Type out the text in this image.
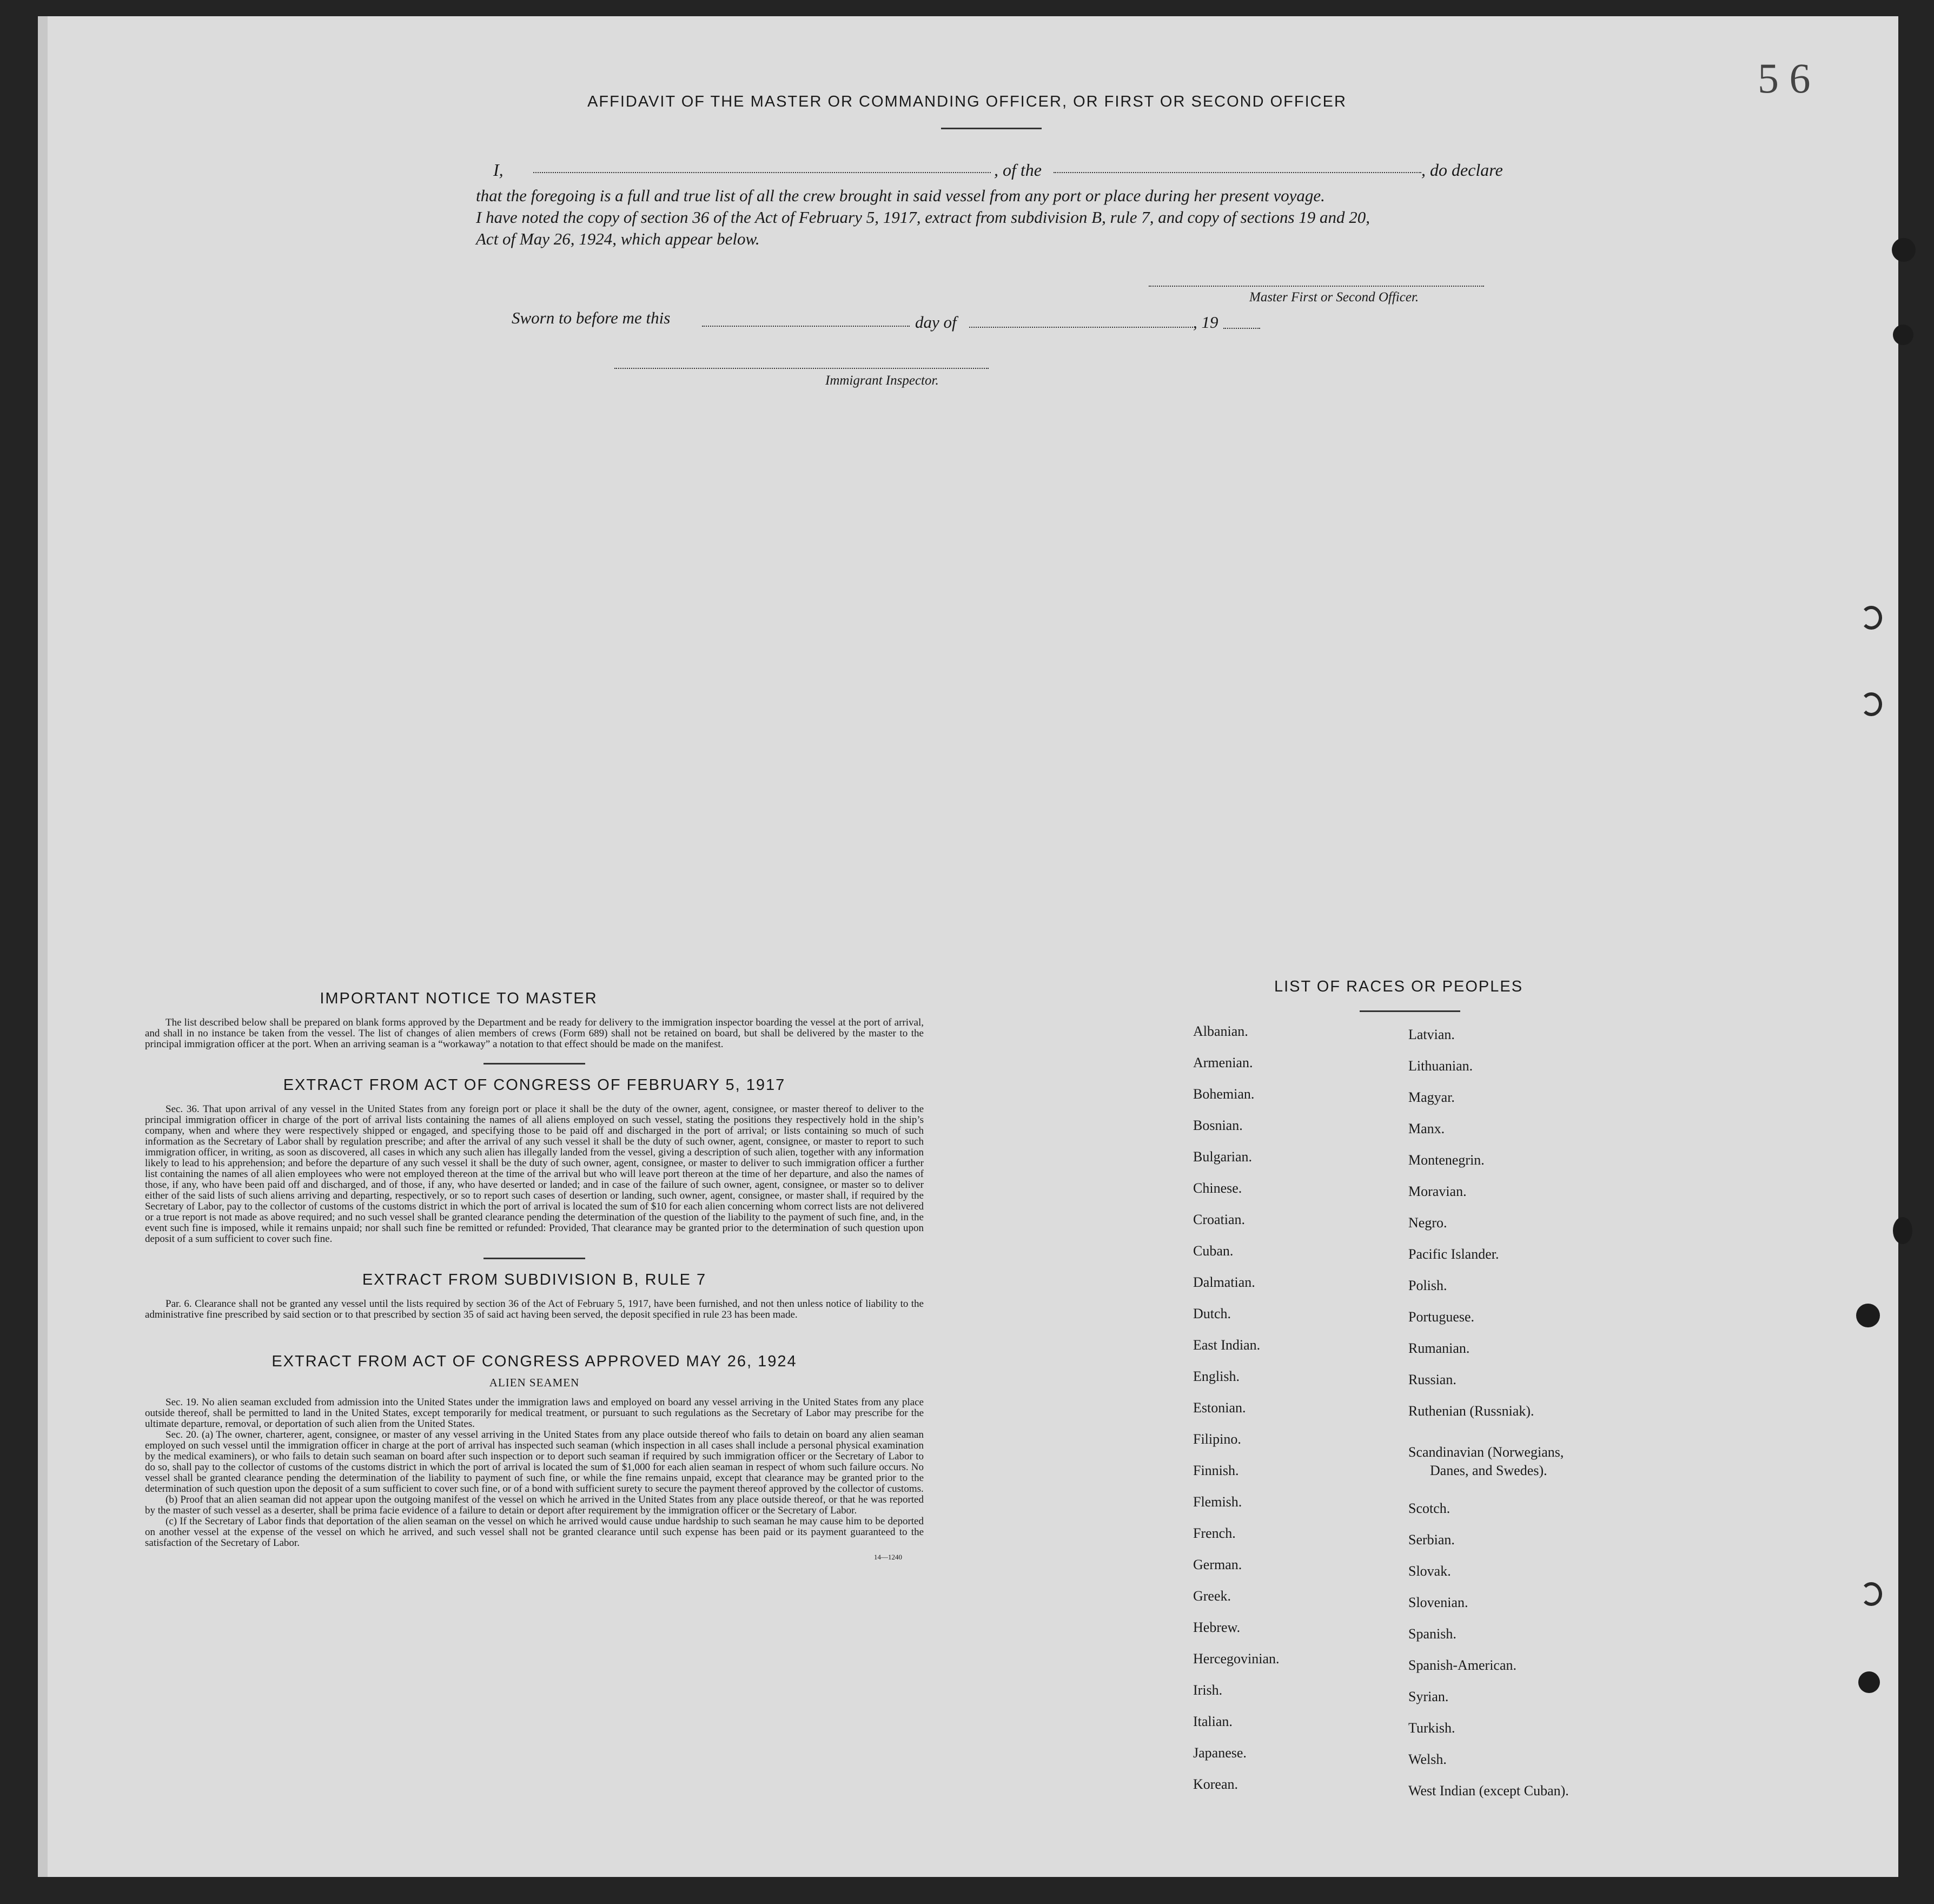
5 6
AFFIDAVIT OF THE MASTER OR COMMANDING OFFICER, OR FIRST OR SECOND OFFICER
I,	, of the	, do declare
that the foregoing is a full and true list of all the crew brought in said vessel from any port or place during her present voyage.
I have noted the copy of section 36 of the Act of February 5, 1917, extract from subdivision B, rule 7, and copy of sections 19 and 20,
Act of May 26, 1924, which appear below.
Master First or Second Officer.
Sworn to before me this	day of	, 19
Immigrant Inspector.
IMPORTANT NOTICE TO MASTER
The list described below shall be prepared on blank forms approved by the Department and be ready for delivery to the immigration inspector boarding the vessel at the port of arrival, and shall in no instance be taken from the vessel. The list of changes of alien members of crews (Form 689) shall not be retained on board, but shall be delivered by the master to the principal immigration officer at the port. When an arriving seaman is a “workaway” a notation to that effect should be made on the manifest.
EXTRACT FROM ACT OF CONGRESS OF FEBRUARY 5, 1917
Sec. 36. That upon arrival of any vessel in the United States from any foreign port or place it shall be the duty of the owner, agent, consignee, or master thereof to deliver to the principal immigration officer in charge of the port of arrival lists containing the names of all aliens employed on such vessel, stating the positions they respectively hold in the ship’s company, when and where they were respectively shipped or engaged, and specifying those to be paid off and discharged in the port of arrival; or lists containing so much of such information as the Secretary of Labor shall by regulation prescribe; and after the arrival of any such vessel it shall be the duty of such owner, agent, consignee, or master to report to such immigration officer, in writing, as soon as discovered, all cases in which any such alien has illegally landed from the vessel, giving a description of such alien, together with any information likely to lead to his apprehension; and before the departure of any such vessel it shall be the duty of such owner, agent, consignee, or master to deliver to such immigration officer a further list containing the names of all alien employees who were not employed thereon at the time of the arrival but who will leave port thereon at the time of her departure, and also the names of those, if any, who have been paid off and discharged, and of those, if any, who have deserted or landed; and in case of the failure of such owner, agent, consignee, or master so to deliver either of the said lists of such aliens arriving and departing, respectively, or so to report such cases of desertion or landing, such owner, agent, consignee, or master shall, if required by the Secretary of Labor, pay to the collector of customs of the customs district in which the port of arrival is located the sum of $10 for each alien concerning whom correct lists are not delivered or a true report is not made as above required; and no such vessel shall be granted clearance pending the determination of the question of the liability to the payment of such fine, and, in the event such fine is imposed, while it remains unpaid; nor shall such fine be remitted or refunded: Provided, That clearance may be granted prior to the determination of such question upon deposit of a sum sufficient to cover such fine.
EXTRACT FROM SUBDIVISION B, RULE 7
Par. 6. Clearance shall not be granted any vessel until the lists required by section 36 of the Act of February 5, 1917, have been furnished, and not then unless notice of liability to the administrative fine prescribed by said section or to that prescribed by section 35 of said act having been served, the deposit specified in rule 23 has been made.
EXTRACT FROM ACT OF CONGRESS APPROVED MAY 26, 1924
ALIEN SEAMEN
Sec. 19. No alien seaman excluded from admission into the United States under the immigration laws and employed on board any vessel arriving in the United States from any place outside thereof, shall be permitted to land in the United States, except temporarily for medical treatment, or pursuant to such regulations as the Secretary of Labor may prescribe for the ultimate departure, removal, or deportation of such alien from the United States.
Sec. 20. (a) The owner, charterer, agent, consignee, or master of any vessel arriving in the United States from any place outside thereof who fails to detain on board any alien seaman employed on such vessel until the immigration officer in charge at the port of arrival has inspected such seaman (which inspection in all cases shall include a personal physical examination by the medical examiners), or who fails to detain such seaman on board after such inspection or to deport such seaman if required by such immigration officer or the Secretary of Labor to do so, shall pay to the collector of customs of the customs district in which the port of arrival is located the sum of $1,000 for each alien seaman in respect of whom such failure occurs. No vessel shall be granted clearance pending the determination of the liability to payment of such fine, or while the fine remains unpaid, except that clearance may be granted prior to the determination of such question upon the deposit of a sum sufficient to cover such fine, or of a bond with sufficient surety to secure the payment thereof approved by the collector of customs.
(b) Proof that an alien seaman did not appear upon the outgoing manifest of the vessel on which he arrived in the United States from any place outside thereof, or that he was reported by the master of such vessel as a deserter, shall be prima facie evidence of a failure to detain or deport after requirement by the immigration officer or the Secretary of Labor.
(c) If the Secretary of Labor finds that deportation of the alien seaman on the vessel on which he arrived would cause undue hardship to such seaman he may cause him to be deported on another vessel at the expense of the vessel on which he arrived, and such vessel shall not be granted clearance until such expense has been paid or its payment guaranteed to the satisfaction of the Secretary of Labor.
14—1240
LIST OF RACES OR PEOPLES
Albanian.
Armenian.
Bohemian.
Bosnian.
Bulgarian.
Chinese.
Croatian.
Cuban.
Dalmatian.
Dutch.
East Indian.
English.
Estonian.
Filipino.
Finnish.
Flemish.
French.
German.
Greek.
Hebrew.
Hercegovinian.
Irish.
Italian.
Japanese.
Korean.
Latvian.
Lithuanian.
Magyar.
Manx.
Montenegrin.
Moravian.
Negro.
Pacific Islander.
Polish.
Portuguese.
Rumanian.
Russian.
Ruthenian (Russniak).
Scandinavian (Norwegians,
Danes, and Swedes).
Scotch.
Serbian.
Slovak.
Slovenian.
Spanish.
Spanish-American.
Syrian.
Turkish.
Welsh.
West Indian (except Cuban).
